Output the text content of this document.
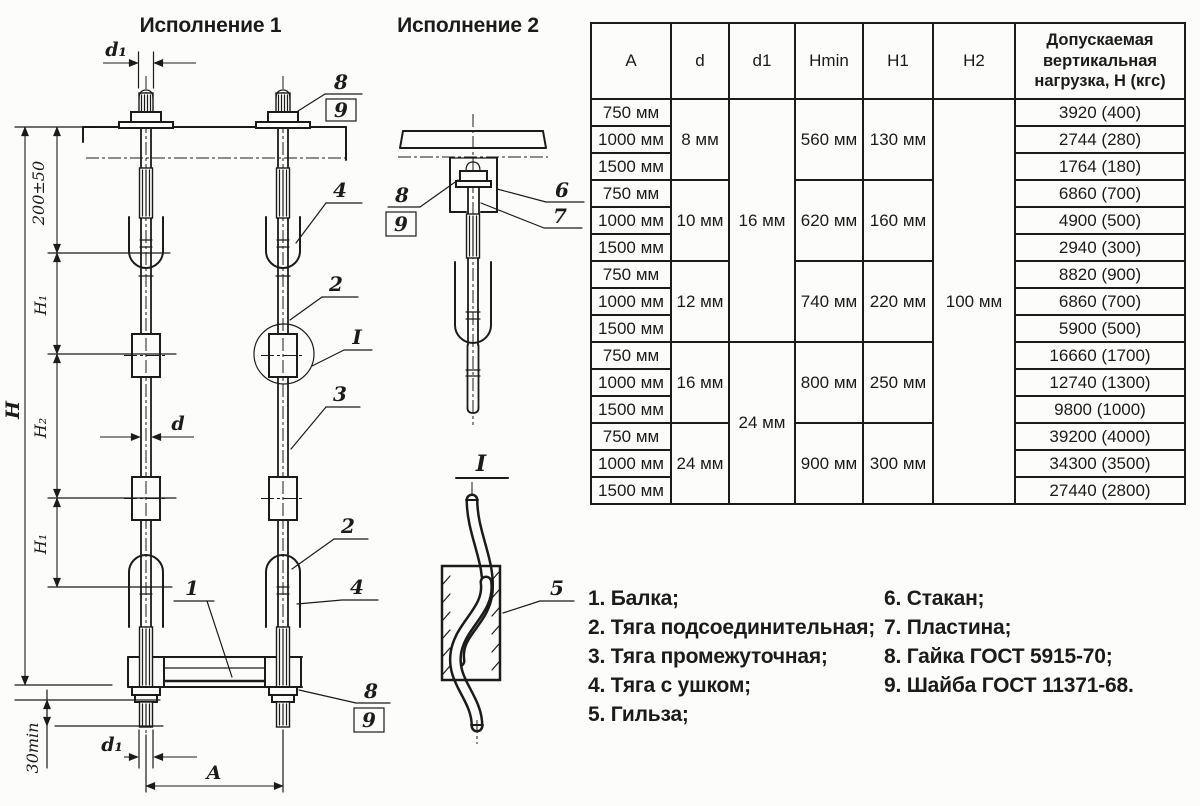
Исполнение 1	Исполнение 2
H
200±50
H₁
H₂
H₁
30min
d₁
d
d₁
A
8
9
4
2
I
3
2
1	4
8
9
8
9
6
7
I
5
A	d	d1	Hmin	H1	H2	Допускаемая вертикальная нагрузка, Н (кгс)
750 мм	8 мм	16 мм	560 мм	130 мм	100 мм	3920 (400)
1000 мм						2744 (280)
1500 мм						1764 (180)
750 мм	10 мм		620 мм	160 мм		6860 (700)
1000 мм						4900 (500)
1500 мм						2940 (300)
750 мм	12 мм		740 мм	220 мм		8820 (900)
1000 мм						6860 (700)
1500 мм						5900 (500)
750 мм	16 мм	24 мм	800 мм	250 мм		16660 (1700)
1000 мм						12740 (1300)
1500 мм						9800 (1000)
750 мм	24 мм		900 мм	300 мм		39200 (4000)
1000 мм						34300 (3500)
1500 мм						27440 (2800)
1. Балка;
2. Тяга подсоединительная;
3. Тяга промежуточная;
4. Тяга с ушком;
5. Гильза;
6. Стакан;
7. Пластина;
8. Гайка ГОСТ 5915-70;
9. Шайба ГОСТ 11371-68.
